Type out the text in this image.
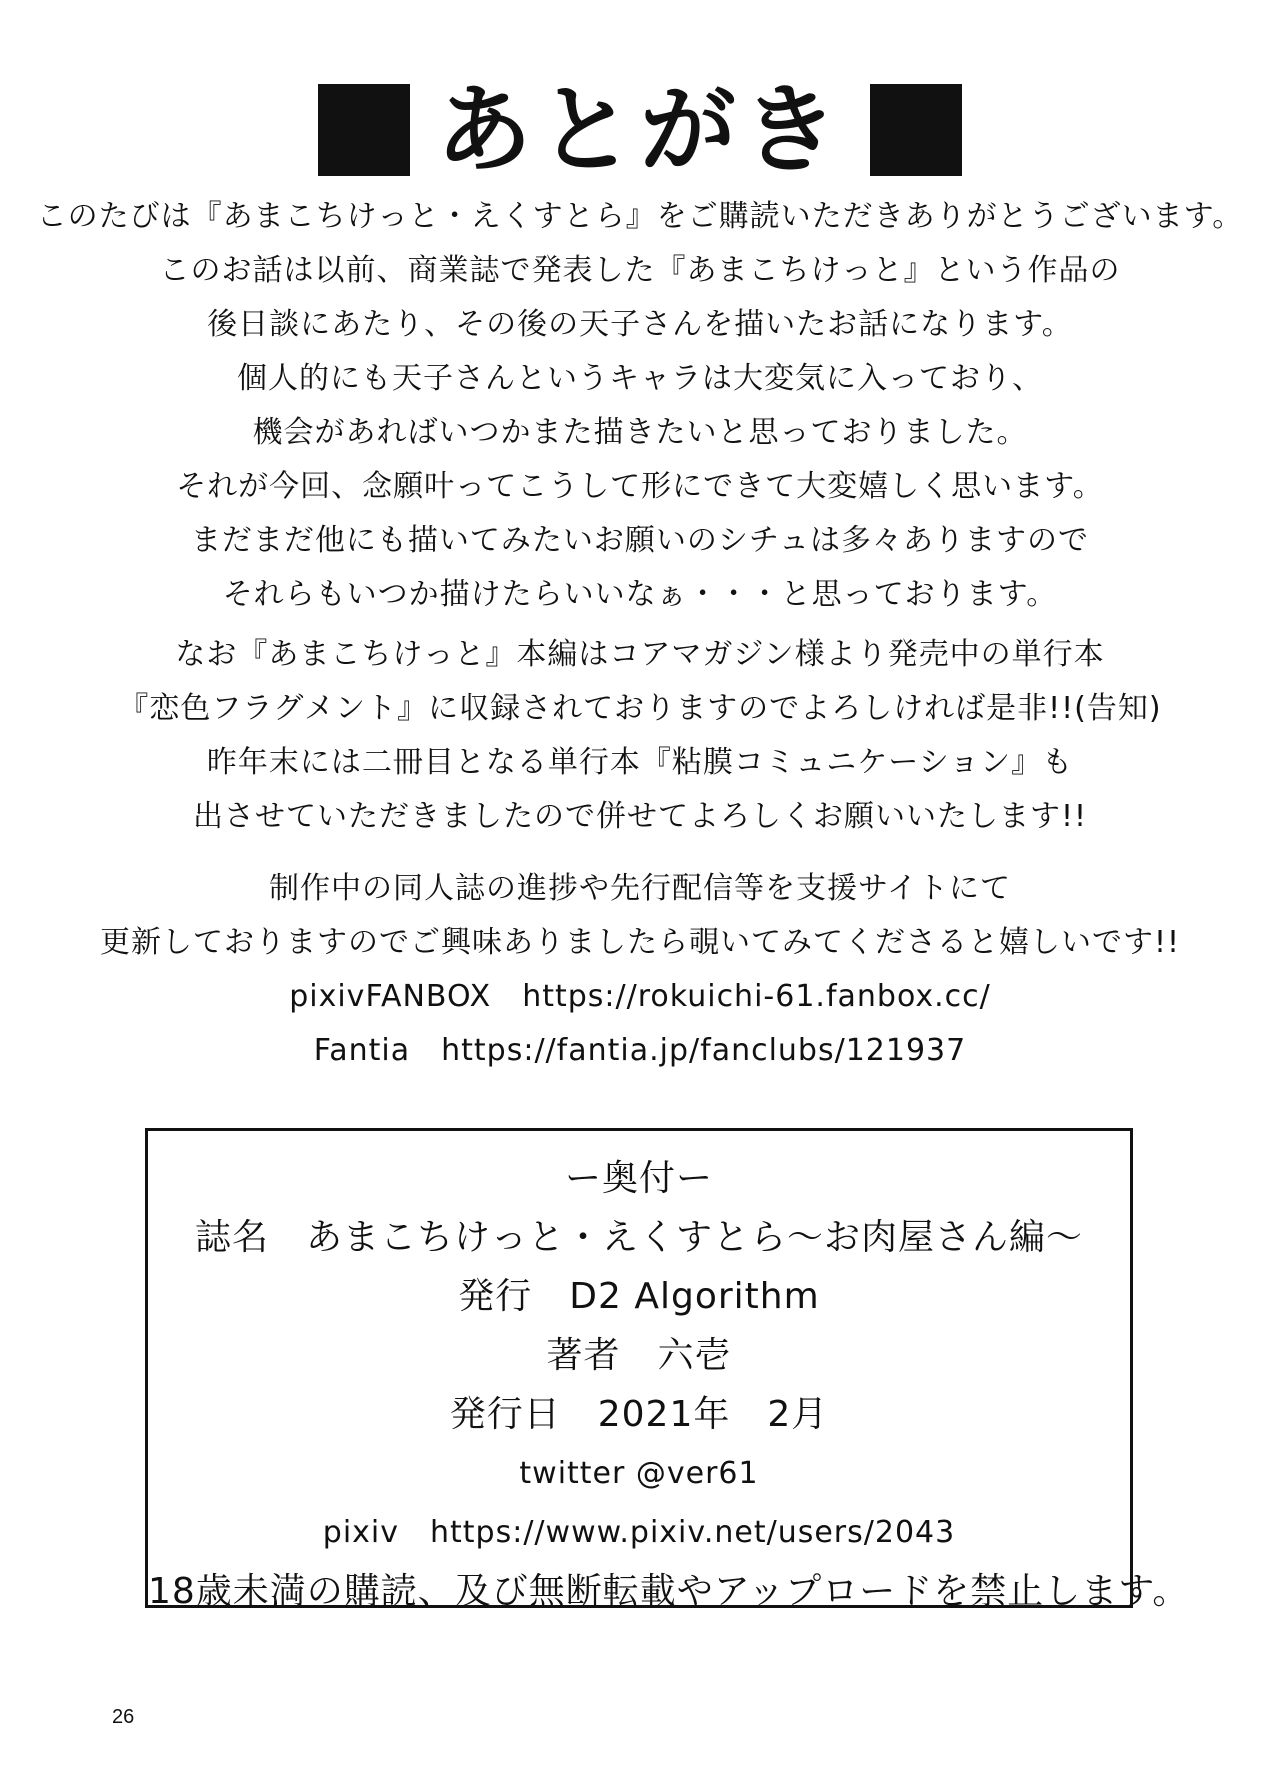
あとがき
このたびは『あまこちけっと・えくすとら』をご購読いただきありがとうございます。
このお話は以前、商業誌で発表した『あまこちけっと』という作品の
後日談にあたり、その後の天子さんを描いたお話になります。
個人的にも天子さんというキャラは大変気に入っており、
機会があればいつかまた描きたいと思っておりました。
それが今回、念願叶ってこうして形にできて大変嬉しく思います。
まだまだ他にも描いてみたいお願いのシチュは多々ありますので
それらもいつか描けたらいいなぁ・・・と思っております。
なお『あまこちけっと』本編はコアマガジン様より発売中の単行本
『恋色フラグメント』に収録されておりますのでよろしければ是非!!(告知)
昨年末には二冊目となる単行本『粘膜コミュニケーション』も
出させていただきましたので併せてよろしくお願いいたします!!
制作中の同人誌の進捗や先行配信等を支援サイトにて
更新しておりますのでご興味ありましたら覗いてみてくださると嬉しいです!!
pixivFANBOX　https://rokuichi-61.fanbox.cc/
Fantia　https://fantia.jp/fanclubs/121937
ー奥付ー
誌名　あまこちけっと・えくすとら～お肉屋さん編～
発行　D2 Algorithm
著者　六壱
発行日　2021年　2月
twitter @ver61
pixiv　https://www.pixiv.net/users/2043
18歳未満の購読、及び無断転載やアップロードを禁止します。
26
